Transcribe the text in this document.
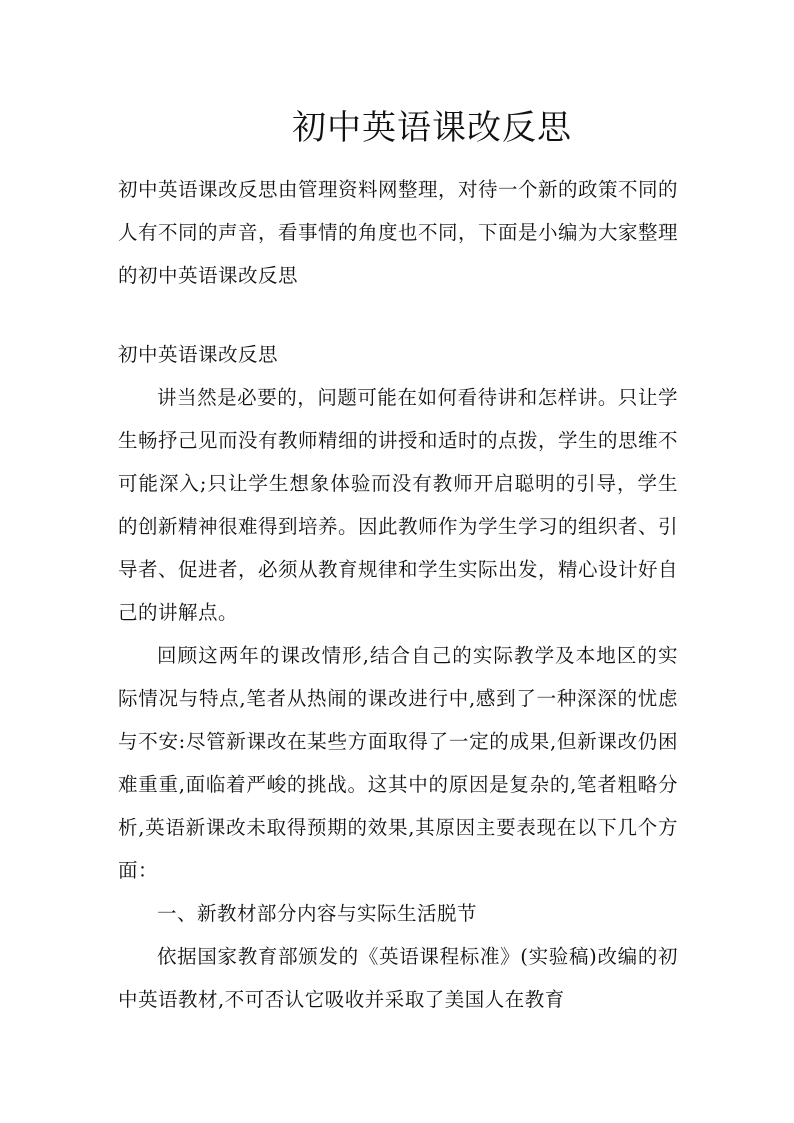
初中英语课改反思

初中英语课改反思由管理资料网整理，对待一个新的政策不同的人有不同的声音，看事情的角度也不同，下面是小编为大家整理的初中英语课改反思

初中英语课改反思

讲当然是必要的，问题可能在如何看待讲和怎样讲。只让学生畅抒己见而没有教师精细的讲授和适时的点拨，学生的思维不可能深入;只让学生想象体验而没有教师开启聪明的引导，学生的创新精神很难得到培养。因此教师作为学生学习的组织者、引导者、促进者，必须从教育规律和学生实际出发，精心设计好自己的讲解点。

回顾这两年的课改情形,结合自己的实际教学及本地区的实际情况与特点,笔者从热闹的课改进行中,感到了一种深深的忧虑与不安:尽管新课改在某些方面取得了一定的成果,但新课改仍困难重重,面临着严峻的挑战。这其中的原因是复杂的,笔者粗略分析,英语新课改未取得预期的效果,其原因主要表现在以下几个方面：

一、新教材部分内容与实际生活脱节

依据国家教育部颁发的《英语课程标准》(实验稿)改编的初中英语教材,不可否认它吸收并采取了美国人在教育
